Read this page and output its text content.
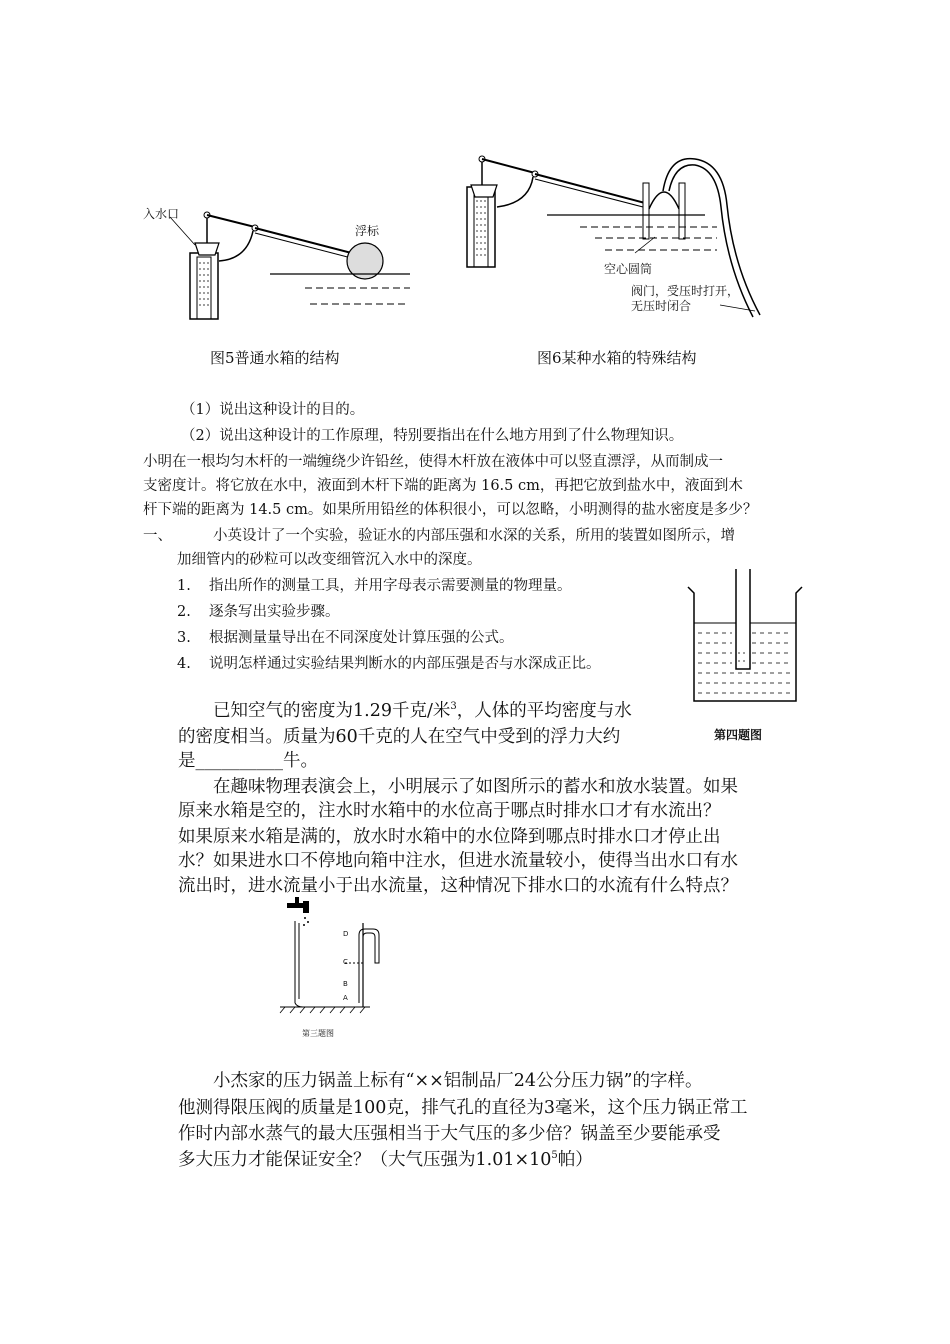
入水口
浮标
图5普通水箱的结构
空心圆筒
阀门，受压时打开，
无压时闭合
图6某种水箱的特殊结构
（1）说出这种设计的目的。
（2）说出这种设计的工作原理，特别要指出在什么地方用到了什么物理知识。
小明在一根均匀木杆的一端缠绕少许铅丝，使得木杆放在液体中可以竖直漂浮，从而制成一
支密度计。将它放在水中，液面到木杆下端的距离为 16.5 cm，再把它放到盐水中，液面到木
杆下端的距离为 14.5 cm。如果所用铅丝的体积很小，可以忽略，小明测得的盐水密度是多少？
一、	小英设计了一个实验，验证水的内部压强和水深的关系，所用的装置如图所示，增
加细管内的砂粒可以改变细管沉入水中的深度。
1.	指出所作的测量工具，并用字母表示需要测量的物理量。
2.	逐条写出实验步骤。
3.	根据测量量导出在不同深度处计算压强的公式。
4.	说明怎样通过实验结果判断水的内部压强是否与水深成正比。
第四题图
已知空气的密度为1.29千克/米$^3$，人体的平均密度与水
的密度相当。质量为60千克的人在空气中受到的浮力大约
是__________牛。
在趣味物理表演会上，小明展示了如图所示的蓄水和放水装置。如果
原来水箱是空的，注水时水箱中的水位高于哪点时排水口才有水流出？
如果原来水箱是满的，放水时水箱中的水位降到哪点时排水口才停止出
水？如果进水口不停地向箱中注水，但进水流量较小，使得当出水口有水
流出时，进水流量小于出水流量，这种情况下排水口的水流有什么特点？
D
C
B
A
第三题图
小杰家的压力锅盖上标有“××铝制品厂24公分压力锅”的字样。
他测得限压阀的质量是100克，排气孔的直径为3毫米，这个压力锅正常工
作时内部水蒸气的最大压强相当于大气压的多少倍？锅盖至少要能承受
多大压力才能保证安全？（大气压强为$1.01\times 10^5$帕）
